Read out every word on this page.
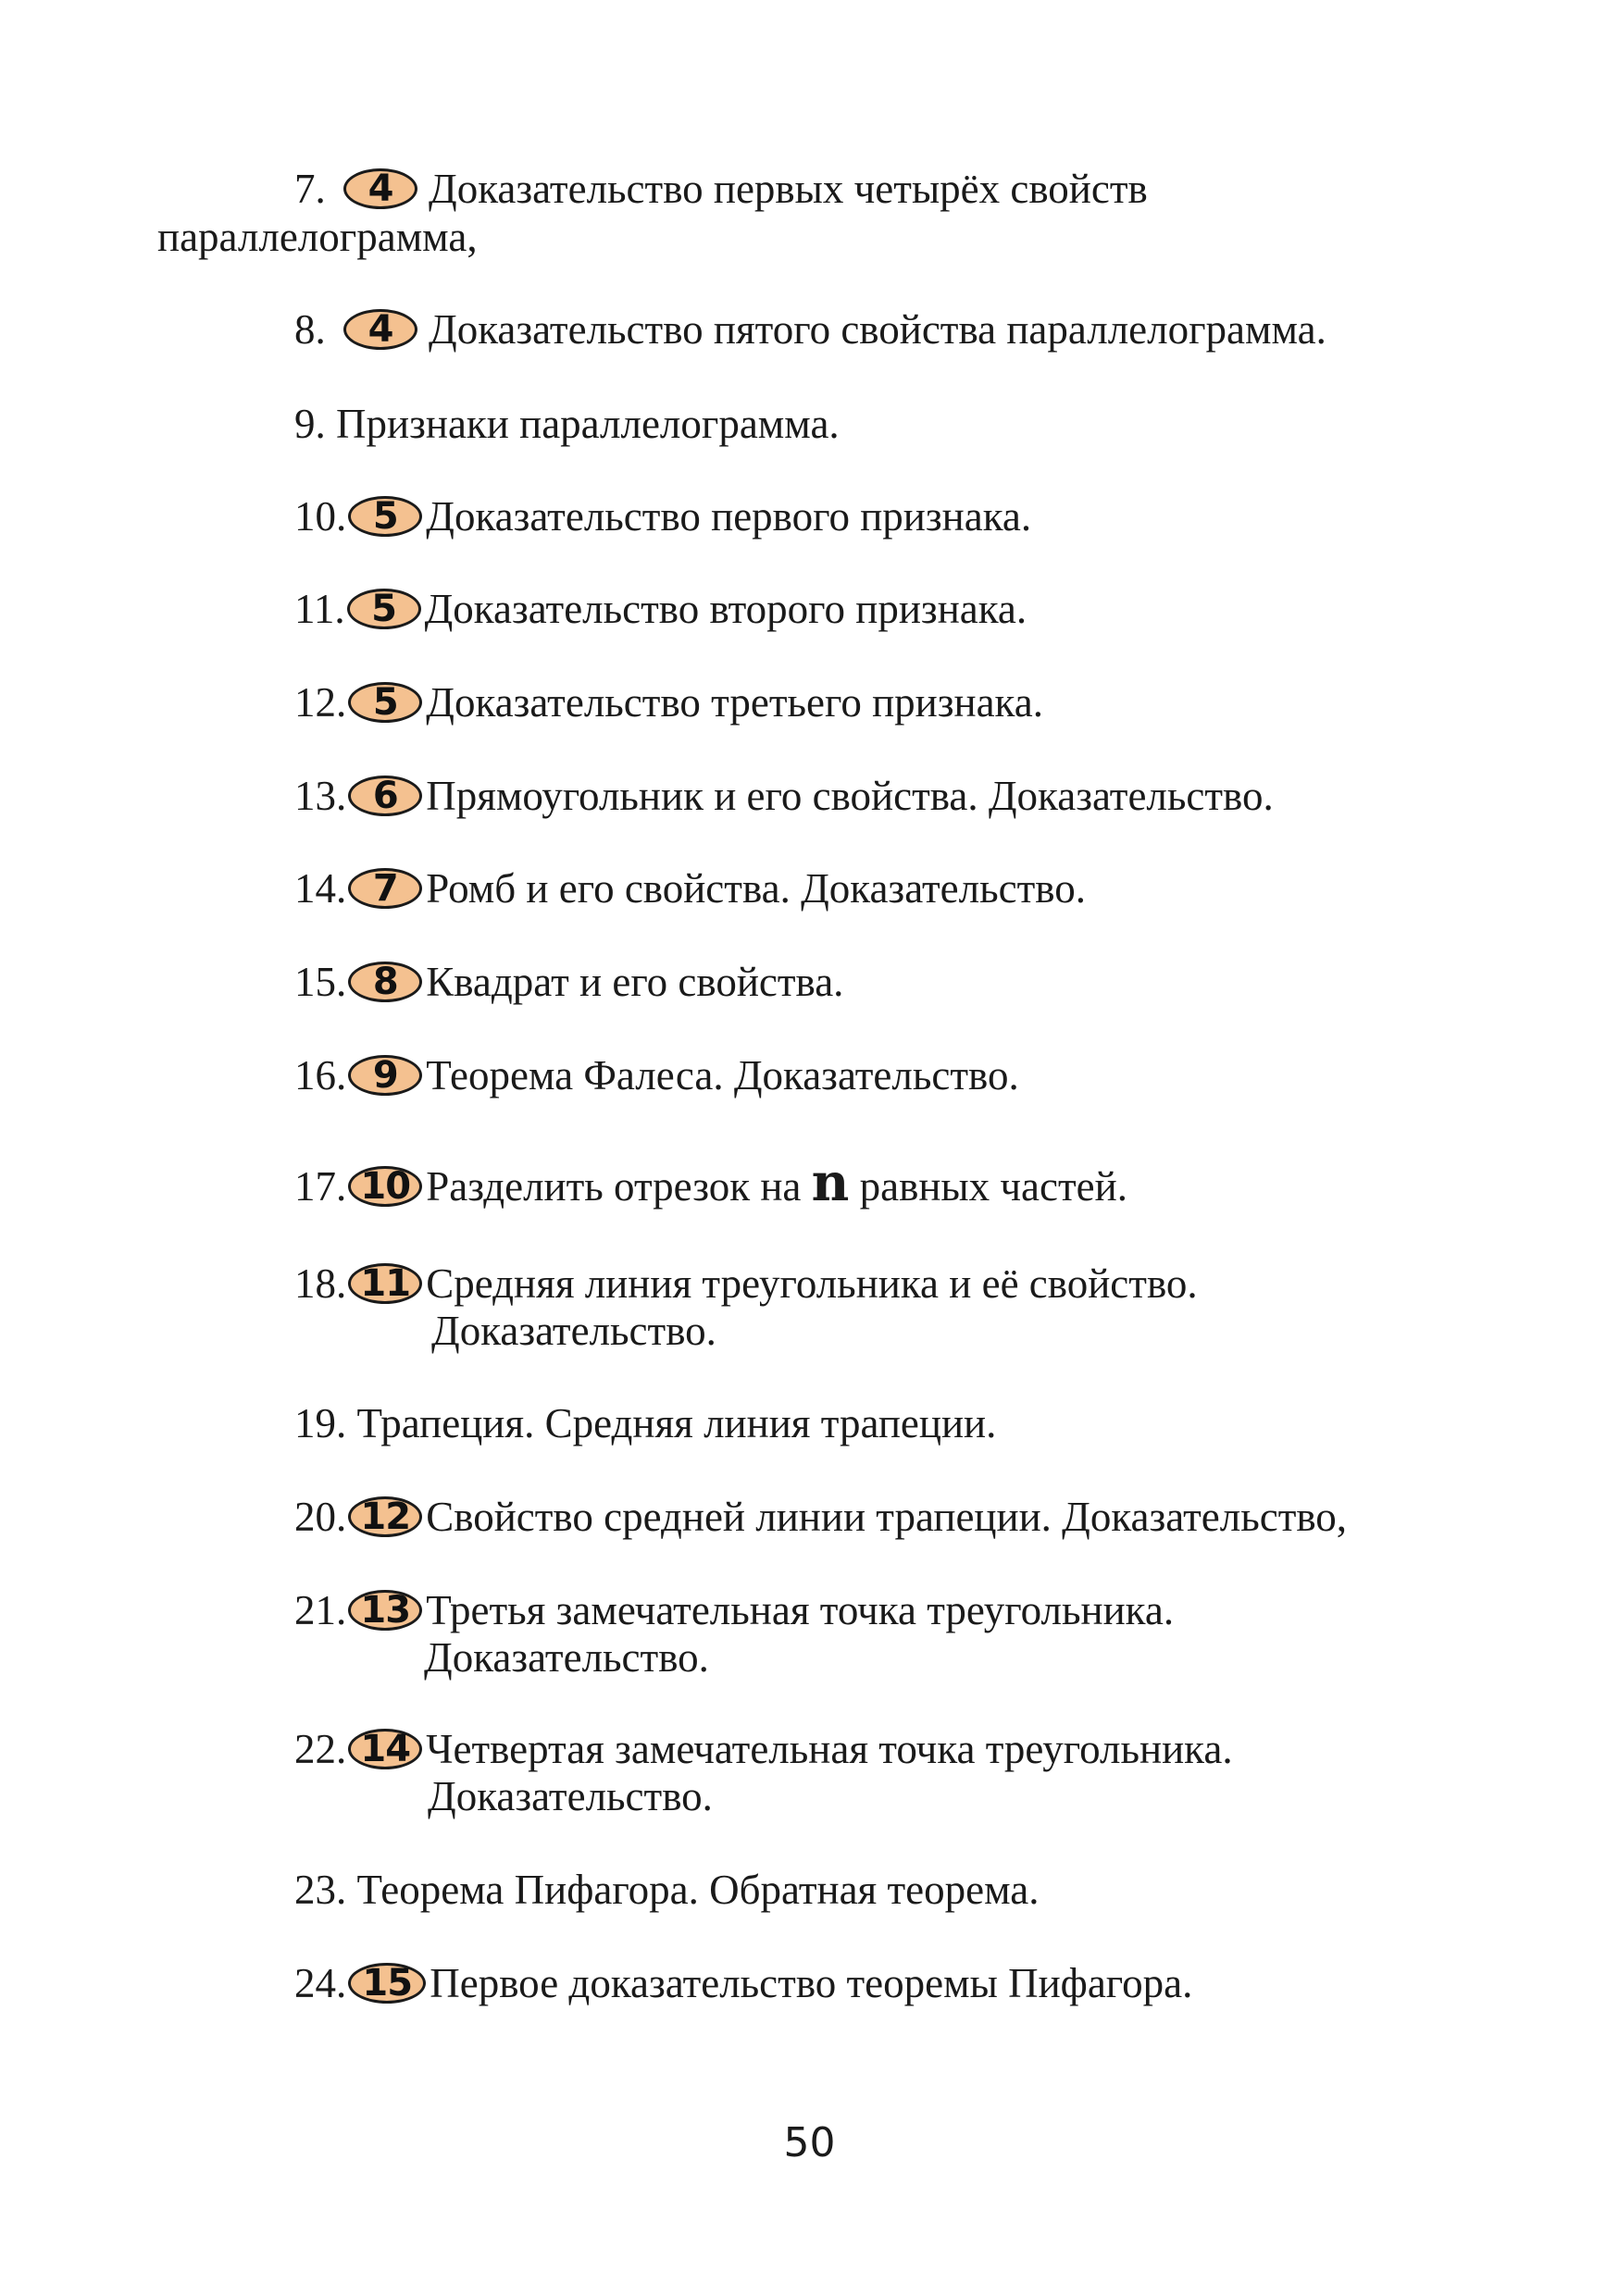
7. 4 Доказательство первых четырёх свойств
параллелограмма,
8. 4 Доказательство пятого свойства параллелограмма.
9. Признаки параллелограмма.
10. 5 Доказательство первого признака.
11. 5 Доказательство второго признака.
12. 5 Доказательство третьего признака.
13. 6 Прямоугольник и его свойства. Доказательство.
14. 7 Ромб и его свойства. Доказательство.
15. 8 Квадрат и его свойства.
16. 9 Теорема Фалеса. Доказательство.
17. 10 Разделить отрезок на n равных частей.
18. 11 Средняя линия треугольника и её свойство.
Доказательство.
19. Трапеция. Средняя линия трапеции.
20. 12 Свойство средней линии трапеции. Доказательство,
21. 13 Третья замечательная точка треугольника.
Доказательство.
22. 14 Четвертая замечательная точка треугольника.
Доказательство.
23. Теорема Пифагора. Обратная теорема.
24. 15 Первое доказательство теоремы Пифагора.
50
